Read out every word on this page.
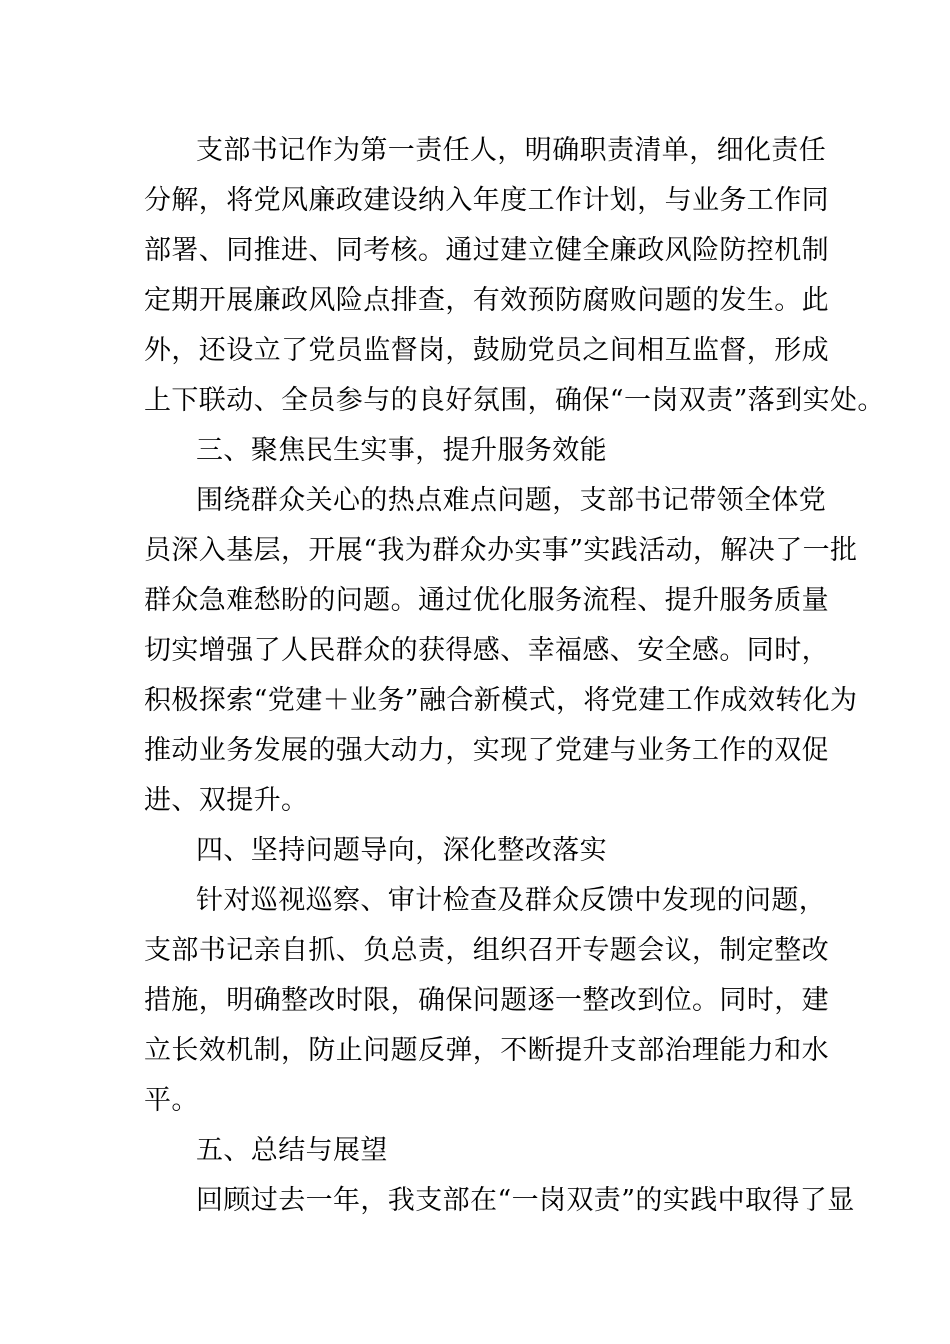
支部书记作为第一责任人，明确职责清单，细化责任
分解，将党风廉政建设纳入年度工作计划，与业务工作同
部署、同推进、同考核。通过建立健全廉政风险防控机制
定期开展廉政风险点排查，有效预防腐败问题的发生。此
外，还设立了党员监督岗，鼓励党员之间相互监督，形成
上下联动、全员参与的良好氛围，确保“一岗双责”落到实处。
三、聚焦民生实事，提升服务效能
围绕群众关心的热点难点问题，支部书记带领全体党
员深入基层，开展“我为群众办实事”实践活动，解决了一批
群众急难愁盼的问题。通过优化服务流程、提升服务质量
切实增强了人民群众的获得感、幸福感、安全感。同时，
积极探索“党建＋业务”融合新模式，将党建工作成效转化为
推动业务发展的强大动力，实现了党建与业务工作的双促
进、双提升。
四、坚持问题导向，深化整改落实
针对巡视巡察、审计检查及群众反馈中发现的问题，
支部书记亲自抓、负总责，组织召开专题会议，制定整改
措施，明确整改时限，确保问题逐一整改到位。同时，建
立长效机制，防止问题反弹，不断提升支部治理能力和水
平。
五、总结与展望
回顾过去一年，我支部在“一岗双责”的实践中取得了显
